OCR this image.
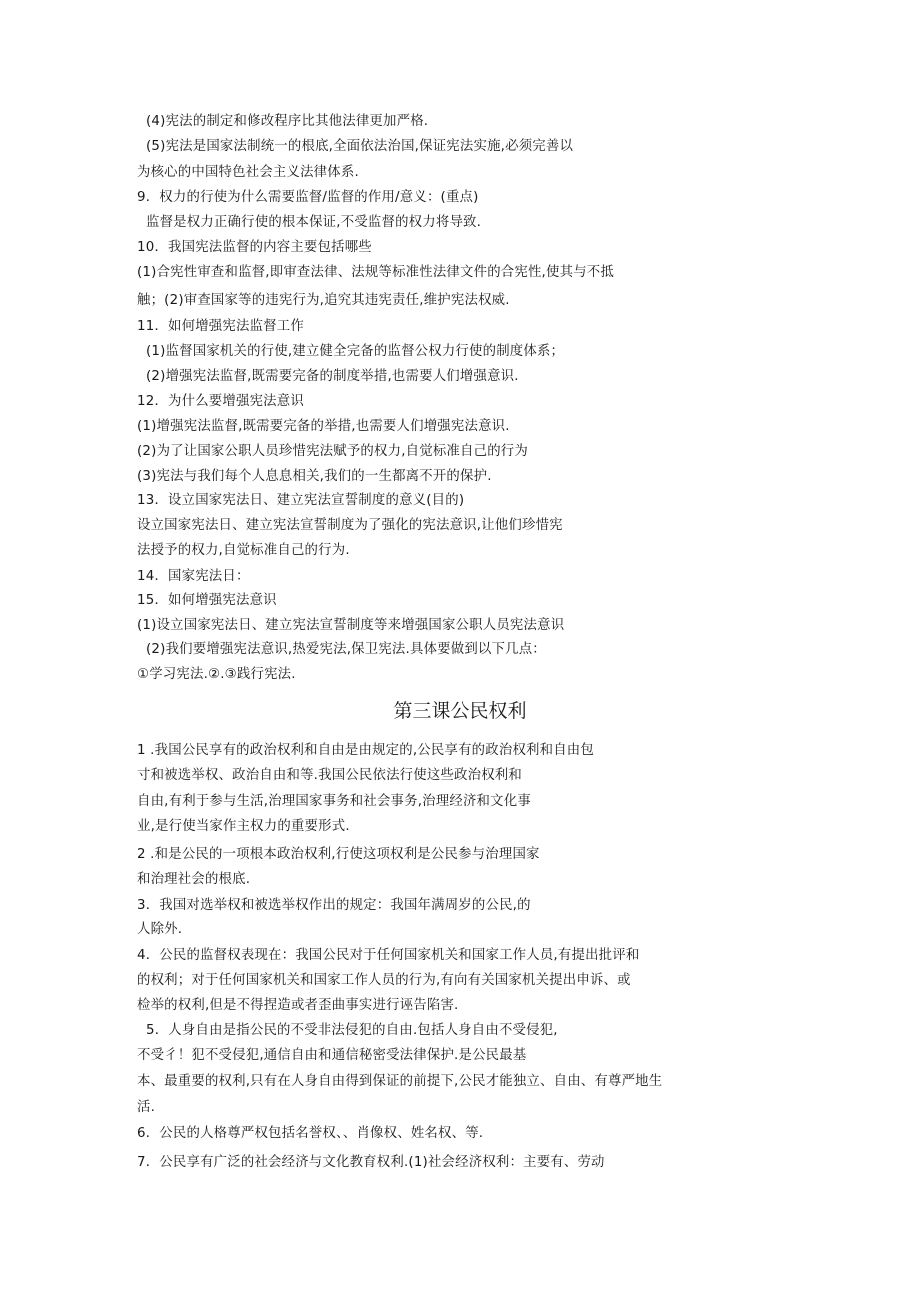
(4)宪法的制定和修改程序比其他法律更加严格.
(5)宪法是国家法制统一的根底,全面依法治国,保证宪法实施,必须完善以
为核心的中国特色社会主义法律体系.
9．权力的行使为什么需要监督/监督的作用/意义：(重点)
监督是权力正确行使的根本保证,不受监督的权力将导致.
10．我国宪法监督的内容主要包括哪些
(1)合宪性审查和监督,即审查法律、法规等标准性法律文件的合宪性,使其与不抵
触；(2)审查国家等的违宪行为,追究其违宪责任,维护宪法权威.
11．如何增强宪法监督工作
(1)监督国家机关的行使,建立健全完备的监督公权力行使的制度体系；
(2)增强宪法监督,既需要完备的制度举措,也需要人们增强意识.
12．为什么要增强宪法意识
(1)增强宪法监督,既需要完备的举措,也需要人们增强宪法意识.
(2)为了让国家公职人员珍惜宪法赋予的权力,自觉标准自己的行为
(3)宪法与我们每个人息息相关,我们的一生都离不开的保护.
13．设立国家宪法日、建立宪法宣誓制度的意义(目的)
设立国家宪法日、建立宪法宣誓制度为了强化的宪法意识,让他们珍惜宪
法授予的权力,自觉标准自己的行为.
14．国家宪法日：
15．如何增强宪法意识
(1)设立国家宪法日、建立宪法宣誓制度等来增强国家公职人员宪法意识
(2)我们要增强宪法意识,热爱宪法,保卫宪法.具体要做到以下几点：
①学习宪法.②.③践行宪法.
第三课公民权利
1 .我国公民享有的政治权利和自由是由规定的,公民享有的政治权利和自由包
寸和被选举权、政治自由和等.我国公民依法行使这些政治权利和
自由,有利于参与生活,治理国家事务和社会事务,治理经济和文化事
业,是行使当家作主权力的重要形式.
2 .和是公民的一项根本政治权利,行使这项权利是公民参与治理国家
和治理社会的根底.
3．我国对选举权和被选举权作出的规定：我国年满周岁的公民,的
人除外.
4．公民的监督权表现在：我国公民对于任何国家机关和国家工作人员,有提出批评和
的权利；对于任何国家机关和国家工作人员的行为,有向有关国家机关提出申诉、或
检举的权利,但是不得捏造或者歪曲事实进行诬告陷害.
5．人身自由是指公民的不受非法侵犯的自由.包括人身自由不受侵犯,
不受彳！犯不受侵犯,通信自由和通信秘密受法律保护.是公民最基
本、最重要的权利,只有在人身自由得到保证的前提下,公民才能独立、自由、有尊严地生
活.
6．公民的人格尊严权包括名誉权、、肖像权、姓名权、等.
7．公民享有广泛的社会经济与文化教育权利.(1)社会经济权利：主要有、劳动
